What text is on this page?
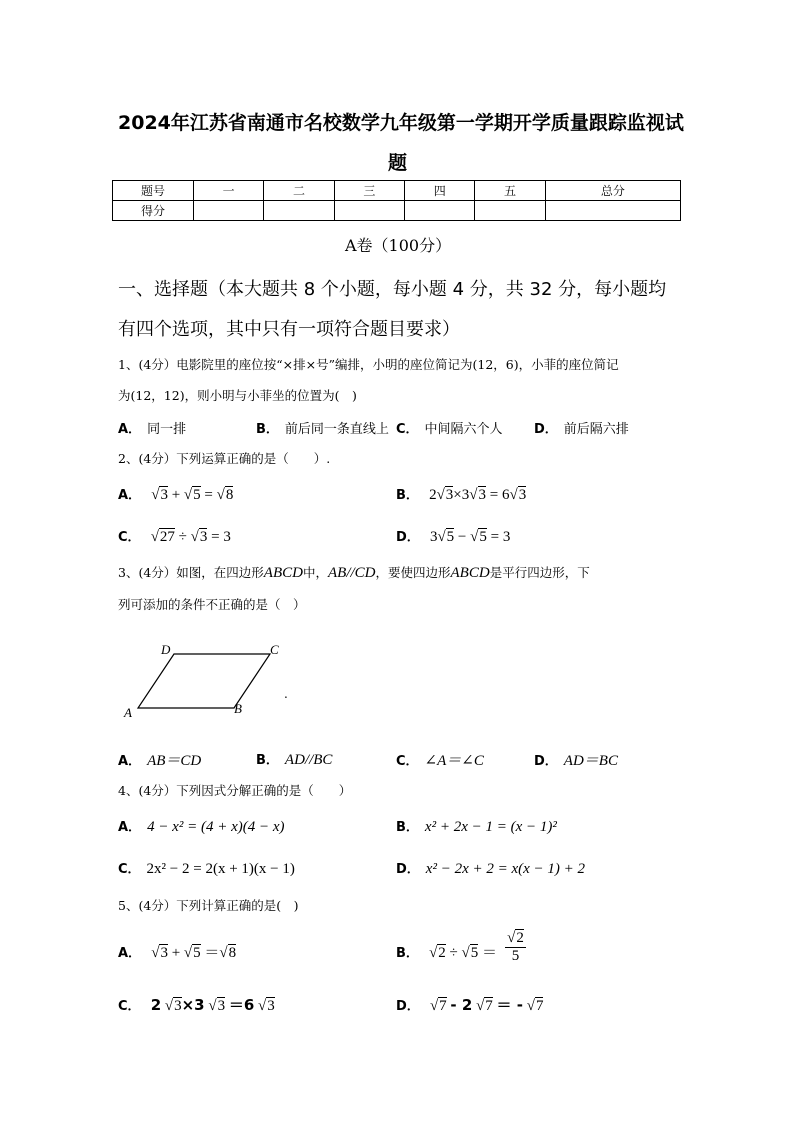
2024年江苏省南通市名校数学九年级第一学期开学质量跟踪监视试
题
题号	一	二	三	四	五	总分
得分						
A卷（100分）
一、选择题（本大题共 8 个小题，每小题 4 分，共 32 分，每小题均
有四个选项，其中只有一项符合题目要求）
1、(4分）电影院里的座位按“×排×号”编排，小明的座位简记为(12，6)，小菲的座位简记
为(12，12)，则小明与小菲坐的位置为(　)
A． 同一排	B． 前后同一条直线上 C． 中间隔六个人 D． 前后隔六排
2、(4分）下列运算正确的是（　　）.
A． √3 + √5 = √8	B． 2√3×3√3 = 6√3
C． √27 ÷ √3 = 3	D． 3√5 − √5 = 3
3、(4分）如图，在四边形ABCD中，AB//CD，要使四边形ABCD是平行四边形，下
列可添加的条件不正确的是（　）
A	B
C
D
.
A． AB＝CD	B． AD//BC	C． ∠A＝∠C	D． AD＝BC
4、(4分）下列因式分解正确的是（　　）
A． 4 − x² = (4 + x)(4 − x)	B． x² + 2x − 1 = (x − 1)²
C． 2x² − 2 = 2(x + 1)(x − 1)	D． x² − 2x + 2 = x(x − 1) + 2
5、(4分）下列计算正确的是(　)
A． √3 + √5 ＝√8	B． $√2 \div √5 = \frac{√2}{5}$
C． 2 √3×3 √3 ＝6 √3	D． √7 - 2 √7 ＝ - √7
